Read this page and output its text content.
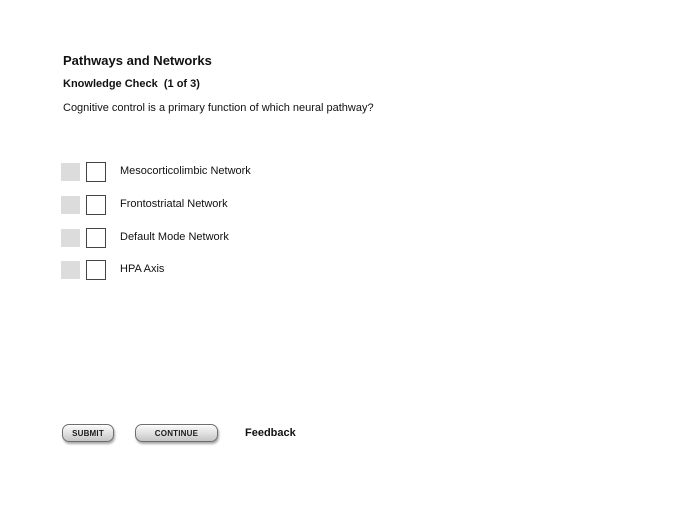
Pathways and Networks
Knowledge Check  (1 of 3)

Cognitive control is a primary function of which neural pathway?

Mesocorticolimbic Network
Frontostriatal Network
Default Mode Network
HPA Axis
SUBMIT	CONTINUE	Feedback
